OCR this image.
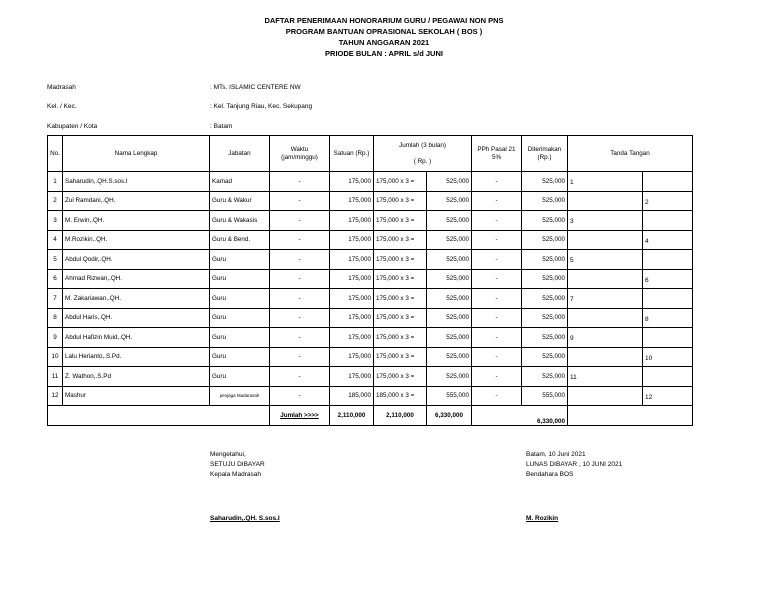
DAFTAR PENERIMAAN HONORARIUM GURU / PEGAWAI NON PNS
PROGRAM BANTUAN OPRASIONAL SEKOLAH ( BOS )
TAHUN ANGGARAN 2021
PRIODE BULAN : APRIL s/d JUNI
Madrasah	: MTs. ISLAMIC CENTERE NW
Kel. / Kec.	: Kel. Tanjung Riau, Kec. Sekupang
Kabupaten / Kota	: Batam
No.	Nama Lengkap	Jabatan	Waktu (jam/minggu)	Satuan (Rp.)	Jumlah (3 bulan)
( Rp. )		PPh Pasal 21 5%	Diterimakan (Rp.)	Tanda Tangan	
1	Saharudin,.QH.S.sos.I	Kamad	-	175,000	175,000 x 3 =	525,000	-	525,000	1	

2	Zul Ramdani,.QH.	Guru & Wakur	-	175,000	175,000 x 3 =	525,000	-	525,000		2

3	M. Erwin,.QH.	Guru & Wakasis	-	175,000	175,000 x 3 =	525,000	-	525,000	3	

4	M.Rozikin,.QH.	Guru & Bend.	-	175,000	175,000 x 3 =	525,000	-	525,000		4

5	Abdul Qodir,.QH.	Guru	-	175,000	175,000 x 3 =	525,000	-	525,000	5	

6	Ahmad Rizwan,.QH.	Guru	-	175,000	175,000 x 3 =	525,000	-	525,000		6

7	M. Zakariawan,.QH.	Guru	-	175,000	175,000 x 3 =	525,000	-	525,000	7	

8	Abdul Haris,.QH.	Guru	-	175,000	175,000 x 3 =	525,000	-	525,000		8

9	Abdul Hafizin Muid,.QH.	Guru	-	175,000	175,000 x 3 =	525,000	-	525,000	9	

10	Lalu Herianto,.S.Pd.	Guru	-	175,000	175,000 x 3 =	525,000	-	525,000		10

11	Z. Wathon,.S.Pd	Guru	-	175,000	175,000 x 3 =	525,000	-	525,000	11	

12	Mashur	penjaga Madarasah	-	185,000	185,000 x 3 =	555,000	-	555,000		12

			Jumlah >>>>	2,110,000	2,110,000	6,330,000	6,330,000			
Mengetahui,
SETUJU DIBAYAR
Kepala Madrasah
Saharudin,.QH. S.sos.I
Batam, 10 Juni 2021
LUNAS DIBAYAR , 10 JUNI 2021
Bendahara BOS
M. Rozikin
